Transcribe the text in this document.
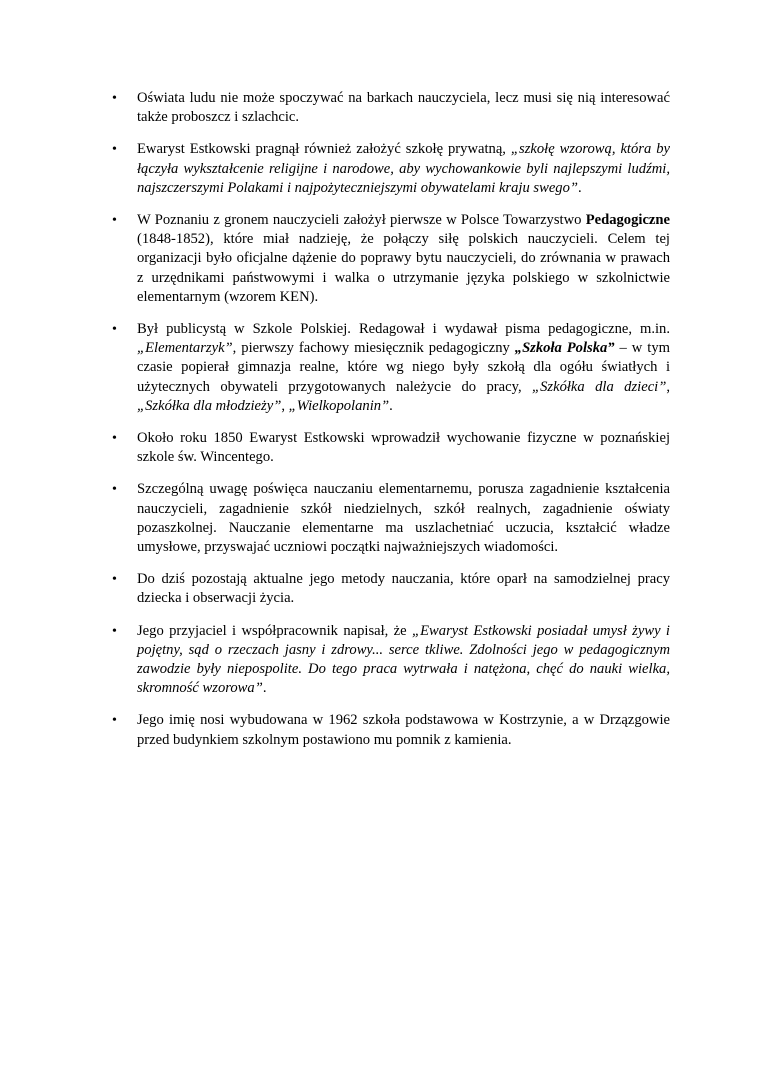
• Oświata ludu nie może spoczywać na barkach nauczyciela, lecz musi się nią interesować także proboszcz i szlachcic.
• Ewaryst Estkowski pragnął również założyć szkołę prywatną, „szkołę wzorową, która by łączyła wykształcenie religijne i narodowe, aby wychowankowie byli najlepszymi ludźmi, najszczerszymi Polakami i najpożyteczniejszymi obywatelami kraju swego”.
• W Poznaniu z gronem nauczycieli założył pierwsze w Polsce Towarzystwo Pedagogiczne (1848-1852), które miał nadzieję, że połączy siłę polskich nauczycieli. Celem tej organizacji było oficjalne dążenie do poprawy bytu nauczycieli, do zrównania w prawach z urzędnikami państwowymi i walka o utrzymanie języka polskiego w szkolnictwie elementarnym (wzorem KEN).
• Był publicystą w Szkole Polskiej. Redagował i wydawał pisma pedagogiczne, m.in. „Elementarzyk”, pierwszy fachowy miesięcznik pedagogiczny „Szkoła Polska” – w tym czasie popierał gimnazja realne, które wg niego były szkołą dla ogółu światłych i użytecznych obywateli przygotowanych należycie do pracy, „Szkółka dla dzieci”, „Szkółka dla młodzieży”, „Wielkopolanin”.
• Około roku 1850 Ewaryst Estkowski wprowadził wychowanie fizyczne w poznańskiej szkole św. Wincentego.
• Szczególną uwagę poświęca nauczaniu elementarnemu, porusza zagadnienie kształcenia nauczycieli, zagadnienie szkół niedzielnych, szkół realnych, zagadnienie oświaty pozaszkolnej. Nauczanie elementarne ma uszlachetniać uczucia, kształcić władze umysłowe, przyswajać uczniowi początki najważniejszych wiadomości.
• Do dziś pozostają aktualne jego metody nauczania, które oparł na samodzielnej pracy dziecka i obserwacji życia.
• Jego przyjaciel i współpracownik napisał, że „Ewaryst Estkowski posiadał umysł żywy i pojętny, sąd o rzeczach jasny i zdrowy... serce tkliwe. Zdolności jego w pedagogicznym zawodzie były niepospolite. Do tego praca wytrwała i natężona, chęć do nauki wielka, skromność wzorowa”.
• Jego imię nosi wybudowana w 1962 szkoła podstawowa w Kostrzynie, a w Drzązgowie przed budynkiem szkolnym postawiono mu pomnik z kamienia.
